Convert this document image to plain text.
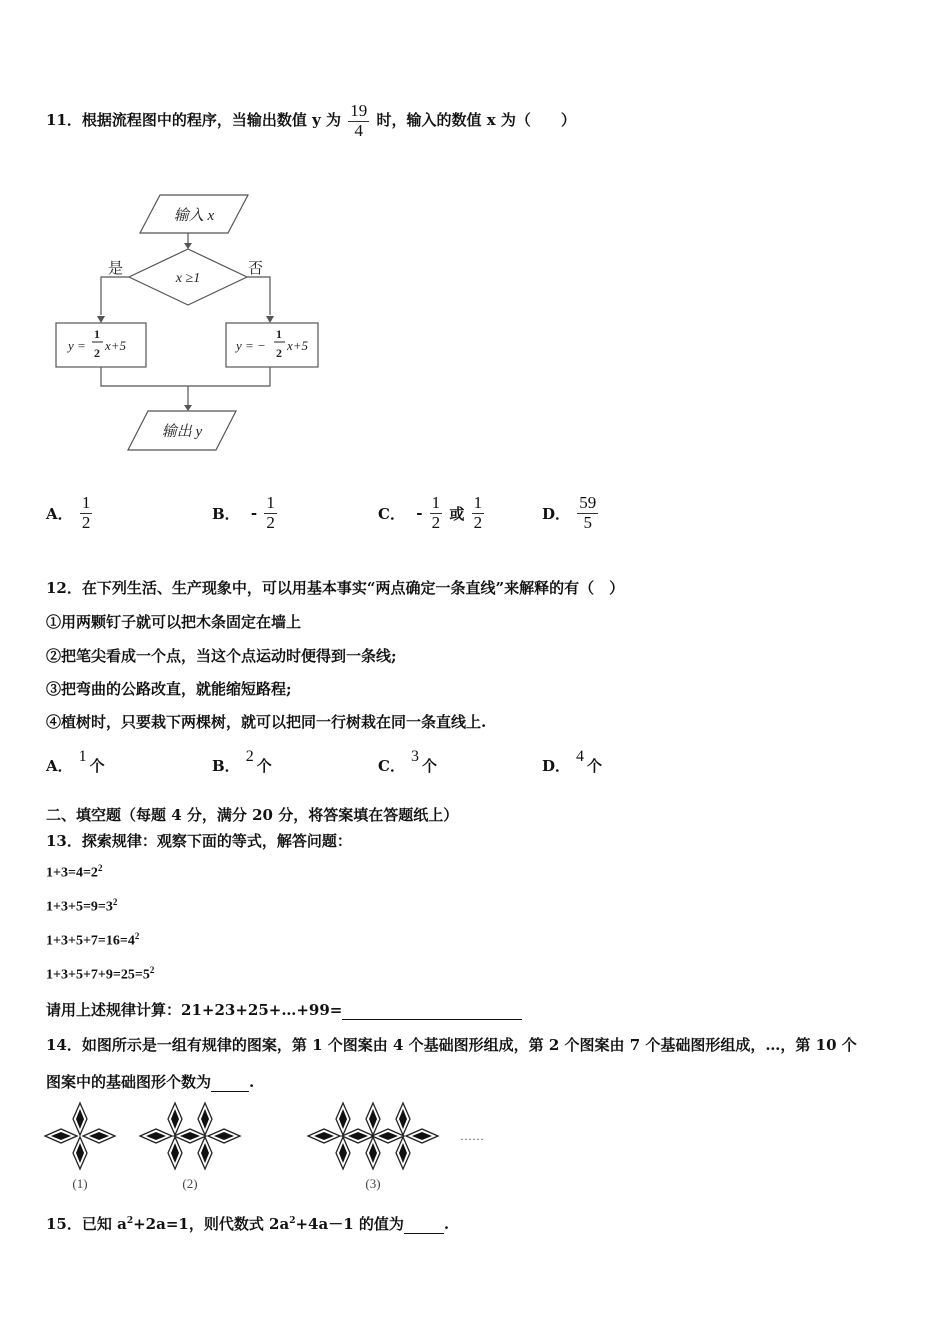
11．根据流程图中的程序，当输出数值 y 为 $\frac{19}{4}$ 时，输入的数值 x 为（　　）
输入 x
x ≥1
是	否
y =
1
2 x+5	y = −
1
2 x+5
输出 y
A． $\frac{1}{2}$	B． - $\frac{1}{2}$	C． - $\frac{1}{2}$ 或 $\frac{1}{2}$	D． $\frac{59}{5}$
12．在下列生活、生产现象中，可以用基本事实“两点确定一条直线”来解释的有（　）
①用两颗钉子就可以把木条固定在墙上
②把笔尖看成一个点，当这个点运动时便得到一条线;
③把弯曲的公路改直，就能缩短路程;
④植树时，只要栽下两棵树，就可以把同一行树栽在同一条直线上.
A．1个	B．2个	C．3个	D．4个
二、填空题（每题 4 分，满分 20 分，将答案填在答题纸上）
13．探索规律：观察下面的等式，解答问题：
$1+3=4=2^2$
$1+3+5=9=3^2$
$1+3+5+7=16=4^2$
$1+3+5+7+9=25=5^2$
请用上述规律计算：21+23+25+…+99=
14．如图所示是一组有规律的图案，第 1 个图案由 4 个基础图形组成，第 2 个图案由 7 个基础图形组成，…，第 10 个
图案中的基础图形个数为	.
……
(1)	(2)	(3)
15．已知 $a^2+2a=1$，则代数式 $2a^2+4a-1$ 的值为	.
